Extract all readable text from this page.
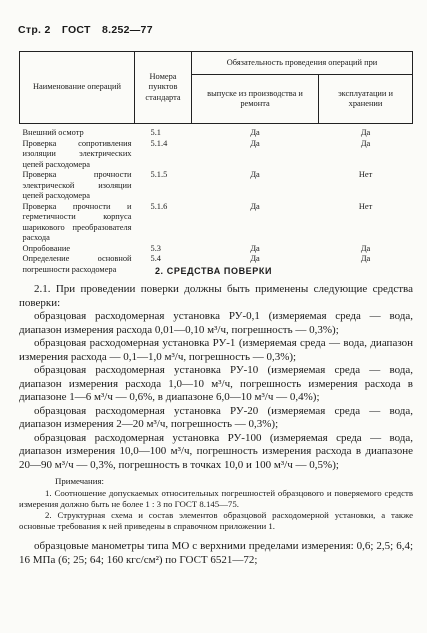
Стр. 2 ГОСТ 8.252—77
Наименование операций	Номера пунктов стандарта	Обязательность проведения операций при	
		выпуске из производства и ремонта	эксплуатации и хранении
Внешний осмотр	5.1	Да	Да
Проверка сопротивления изоляции электрических цепей расходомера	5.1.4	Да	Да
Проверка прочности электрической изоляции цепей расходомера	5.1.5	Да	Нет
Проверка прочности и герметичности корпуса шарикового преобразователя расхода	5.1.6	Да	Нет
Опробование	5.3	Да	Да
Определение основной погрешности расходомера	5.4	Да	Да
2. СРЕДСТВА ПОВЕРКИ

2.1. При проведении поверки должны быть применены следующие средства поверки:

образцовая расходомерная установка РУ-0,1 (измеряемая среда — вода, диапазон измерения расхода 0,01—0,10 м³/ч, погрешность — 0,3%);

образцовая расходомерная установка РУ-1 (измеряемая среда — вода, диапазон измерения расхода — 0,1—1,0 м³/ч, погрешность — 0,3%);

образцовая расходомерная установка РУ-10 (измеряемая среда — вода, диапазон измерения расхода 1,0—10 м³/ч, погрешность измерения расхода в диапазоне 1—6 м³/ч — 0,6%, в диапазоне 6,0—10 м³/ч — 0,4%);

образцовая расходомерная установка РУ-20 (измеряемая среда — вода, диапазон измерения 2—20 м³/ч, погрешность — 0,3%);

образцовая расходомерная установка РУ-100 (измеряемая среда — вода, диапазон измерения 10,0—100 м³/ч, погрешность измерения расхода в диапазоне 20—90 м³/ч — 0,3%, погрешность в точках 10,0 и 100 м³/ч — 0,5%);

Примечания:

1. Соотношение допускаемых относительных погрешностей образцового и поверяемого средств измерения должно быть не более 1 : 3 по ГОСТ 8.145—75.

2. Структурная схема и состав элементов образцовой расходомерной установки, а также основные требования к ней приведены в справочном приложении 1.

образцовые манометры типа МО с верхними пределами измерения: 0,6; 2,5; 6,4; 16 МПа (6; 25; 64; 160 кгс/см²) по ГОСТ 6521—72;
